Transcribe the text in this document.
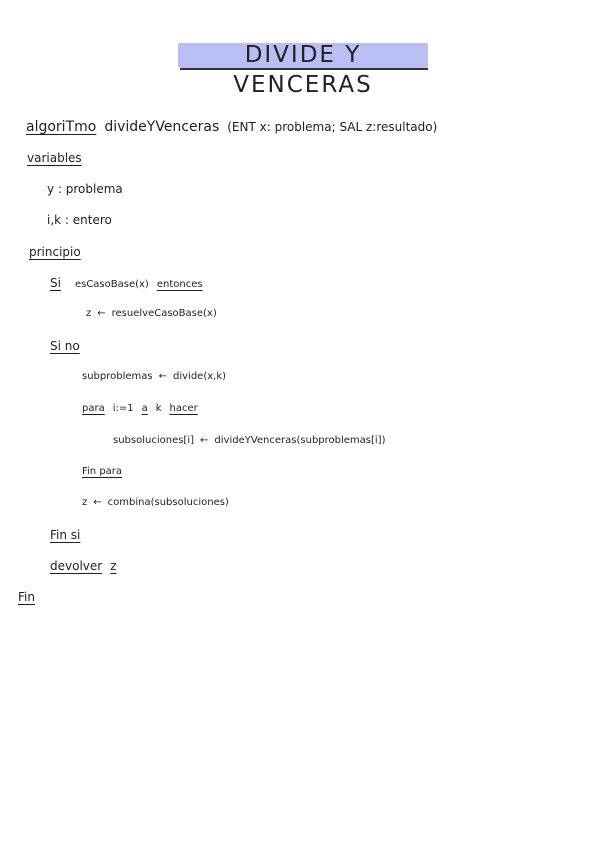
DIVIDE Y VENCERAS
algoriTmo divideYVenceras (ENT x: problema; SAL z:resultado)
variables
y : problema
i,k : entero
principio
Si esCasoBase(x) entonces
z ← resuelveCasoBase(x)
Si no
subproblemas ← divide(x,k)
para i:=1 a k hacer
subsoluciones[i] ← divideYVenceras(subproblemas[i])
Fin para
z ← combina(subsoluciones)
Fin si
devolver z
Fin
